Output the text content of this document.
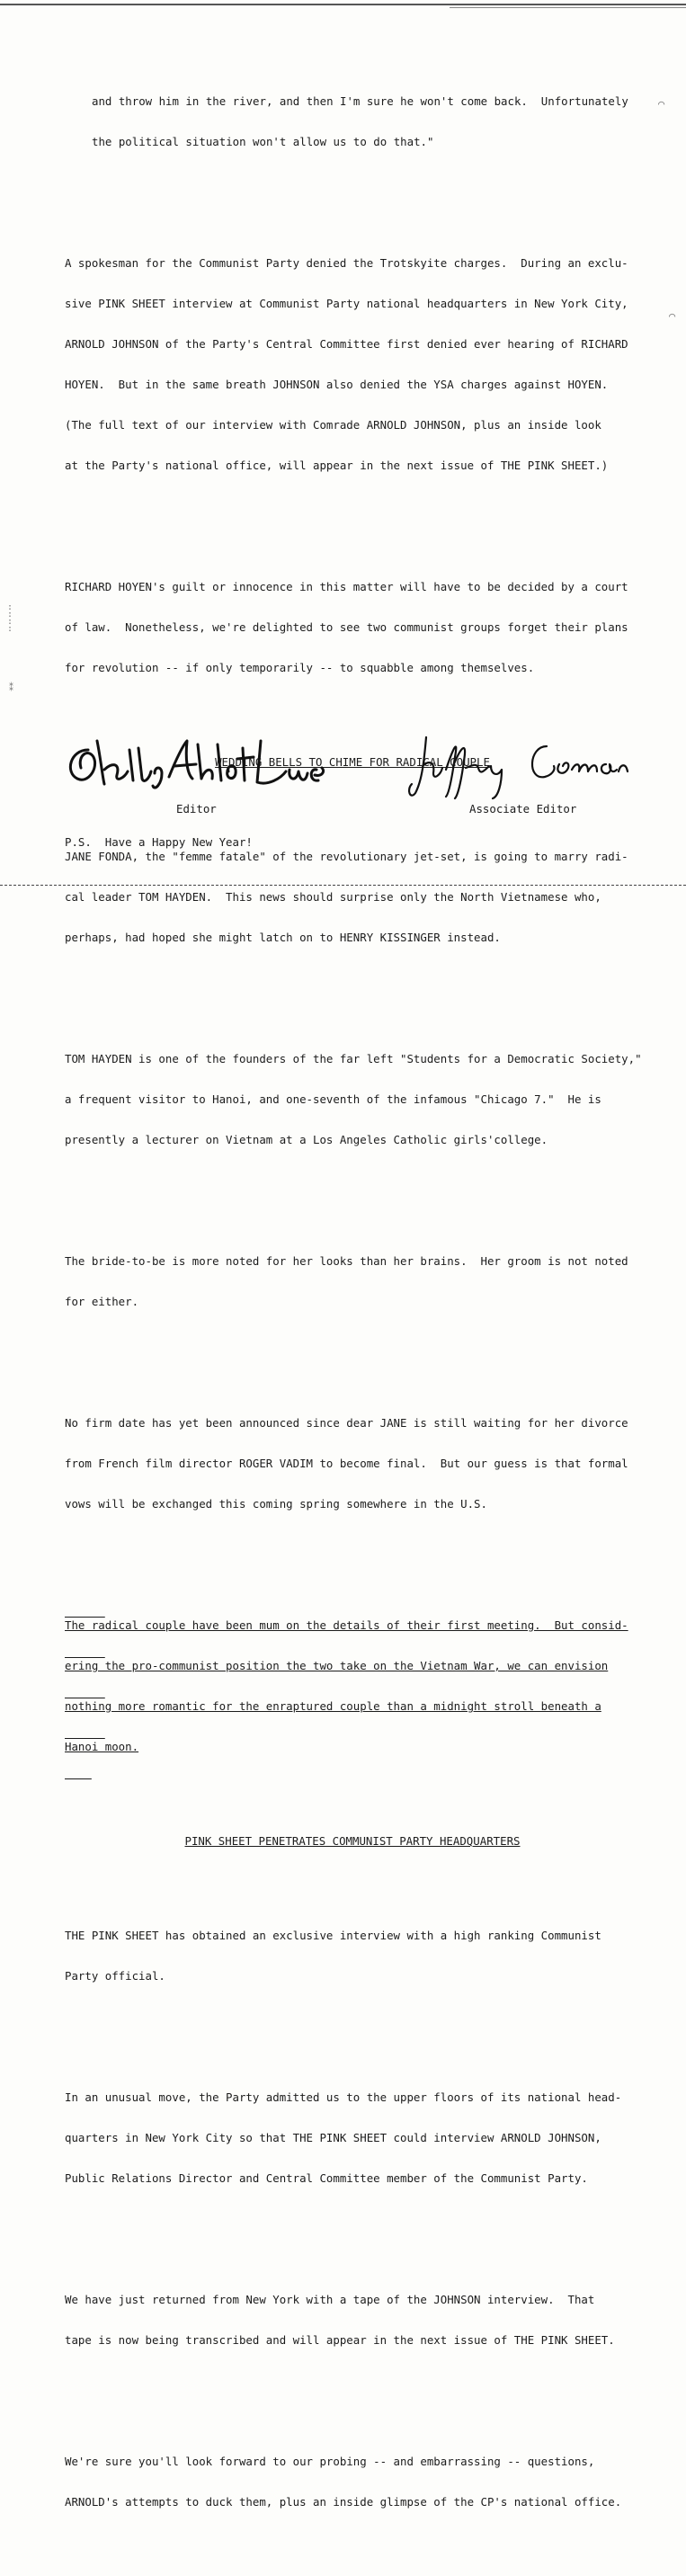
and throw him in the river, and then I'm sure he won't come back.  Unfortunately

the political situation won't allow us to do that."

A spokesman for the Communist Party denied the Trotskyite charges.  During an exclu-

sive PINK SHEET interview at Communist Party national headquarters in New York City,

ARNOLD JOHNSON of the Party's Central Committee first denied ever hearing of RICHARD

HOYEN.  But in the same breath JOHNSON also denied the YSA charges against HOYEN.

(The full text of our interview with Comrade ARNOLD JOHNSON, plus an inside look

at the Party's national office, will appear in the next issue of THE PINK SHEET.)

RICHARD HOYEN's guilt or innocence in this matter will have to be decided by a court

of law.  Nonetheless, we're delighted to see two communist groups forget their plans

for revolution -- if only temporarily -- to squabble among themselves.

WEDDING BELLS TO CHIME FOR RADICAL COUPLE

JANE FONDA, the "femme fatale" of the revolutionary jet-set, is going to marry radi-

cal leader TOM HAYDEN.  This news should surprise only the North Vietnamese who,

perhaps, had hoped she might latch on to HENRY KISSINGER instead.

TOM HAYDEN is one of the founders of the far left "Students for a Democratic Society,"

a frequent visitor to Hanoi, and one-seventh of the infamous "Chicago 7."  He is

presently a lecturer on Vietnam at a Los Angeles Catholic girls'college.

The bride-to-be is more noted for her looks than her brains.  Her groom is not noted

for either.

No firm date has yet been announced since dear JANE is still waiting for her divorce

from French film director ROGER VADIM to become final.  But our guess is that formal

vows will be exchanged this coming spring somewhere in the U.S.

The radical couple have been mum on the details of their first meeting.  But consid-

ering the pro-communist position the two take on the Vietnam War, we can envision

nothing more romantic for the enraptured couple than a midnight stroll beneath a

Hanoi moon.

PINK SHEET PENETRATES COMMUNIST PARTY HEADQUARTERS

THE PINK SHEET has obtained an exclusive interview with a high ranking Communist

Party official.

In an unusual move, the Party admitted us to the upper floors of its national head-

quarters in New York City so that THE PINK SHEET could interview ARNOLD JOHNSON,

Public Relations Director and Central Committee member of the Communist Party.

We have just returned from New York with a tape of the JOHNSON interview.  That

tape is now being transcribed and will appear in the next issue of THE PINK SHEET.

We're sure you'll look forward to our probing -- and embarrassing -- questions,

ARNOLD's attempts to duck them, plus an inside glimpse of the CP's national office.

Editor	Associate Editor
P.S.  Have a Happy New Year!
⌒
⌒
:
:
:
:
⁑
